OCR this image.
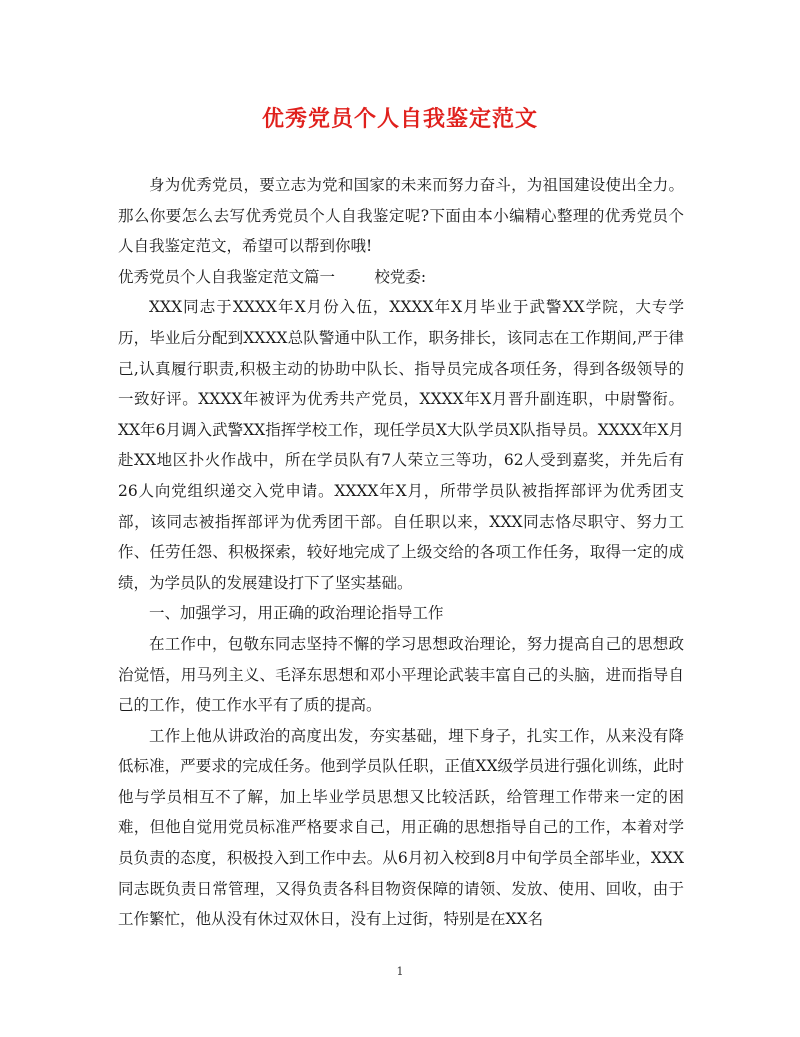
优秀党员个人自我鉴定范文

身为优秀党员，要立志为党和国家的未来而努力奋斗，为祖国建设使出全力。那么你要怎么去写优秀党员个人自我鉴定呢?下面由本小编精心整理的优秀党员个人自我鉴定范文，希望可以帮到你哦!

优秀党员个人自我鉴定范文篇一        校党委:

XXX同志于XXXX年X月份入伍，XXXX年X月毕业于武警XX学院，大专学历，毕业后分配到XXXX总队警通中队工作，职务排长，该同志在工作期间,严于律己,认真履行职责,积极主动的协助中队长、指导员完成各项任务，得到各级领导的一致好评。XXXX年被评为优秀共产党员，XXXX年X月晋升副连职，中尉警衔。XX年6月调入武警XX指挥学校工作，现任学员X大队学员X队指导员。XXXX年X月赴XX地区扑火作战中，所在学员队有7人荣立三等功，62人受到嘉奖，并先后有26人向党组织递交入党申请。XXXX年X月，所带学员队被指挥部评为优秀团支部，该同志被指挥部评为优秀团干部。自任职以来，XXX同志恪尽职守、努力工作、任劳任怨、积极探索，较好地完成了上级交给的各项工作任务，取得一定的成绩，为学员队的发展建设打下了坚实基础。

一、加强学习，用正确的政治理论指导工作

在工作中，包敬东同志坚持不懈的学习思想政治理论，努力提高自己的思想政治觉悟，用马列主义、毛泽东思想和邓小平理论武装丰富自己的头脑，进而指导自己的工作，使工作水平有了质的提高。

工作上他从讲政治的高度出发，夯实基础，埋下身子，扎实工作，从来没有降低标准，严要求的完成任务。他到学员队任职，正值XX级学员进行强化训练，此时他与学员相互不了解，加上毕业学员思想又比较活跃，给管理工作带来一定的困难，但他自觉用党员标准严格要求自己，用正确的思想指导自己的工作，本着对学员负责的态度，积极投入到工作中去。从6月初入校到8月中旬学员全部毕业，XXX同志既负责日常管理，又得负责各科目物资保障的请领、发放、使用、回收，由于工作繁忙，他从没有休过双休日，没有上过街，特别是在XX名

1
